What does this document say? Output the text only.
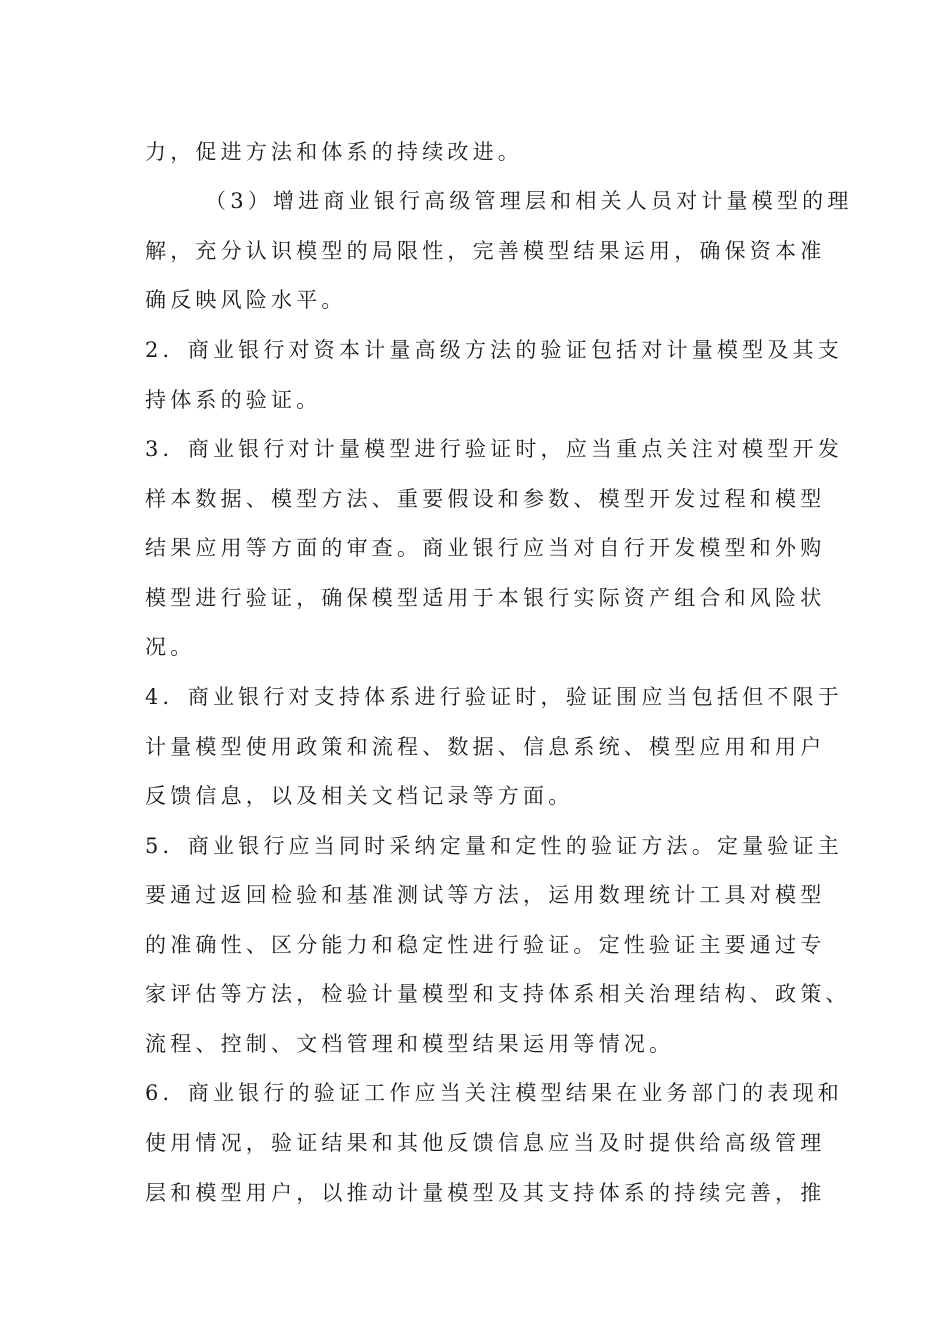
力，促进方法和体系的持续改进。

（3）增进商业银行高级管理层和相关人员对计量模型的理

解，充分认识模型的局限性，完善模型结果运用，确保资本准

确反映风险水平。

2．商业银行对资本计量高级方法的验证包括对计量模型及其支

持体系的验证。

3．商业银行对计量模型进行验证时，应当重点关注对模型开发

样本数据、模型方法、重要假设和参数、模型开发过程和模型

结果应用等方面的审查。商业银行应当对自行开发模型和外购

模型进行验证，确保模型适用于本银行实际资产组合和风险状

况。

4．商业银行对支持体系进行验证时，验证围应当包括但不限于

计量模型使用政策和流程、数据、信息系统、模型应用和用户

反馈信息，以及相关文档记录等方面。

5．商业银行应当同时采纳定量和定性的验证方法。定量验证主

要通过返回检验和基准测试等方法，运用数理统计工具对模型

的准确性、区分能力和稳定性进行验证。定性验证主要通过专

家评估等方法，检验计量模型和支持体系相关治理结构、政策、

流程、控制、文档管理和模型结果运用等情况。

6．商业银行的验证工作应当关注模型结果在业务部门的表现和

使用情况，验证结果和其他反馈信息应当及时提供给高级管理

层和模型用户，以推动计量模型及其支持体系的持续完善，推
